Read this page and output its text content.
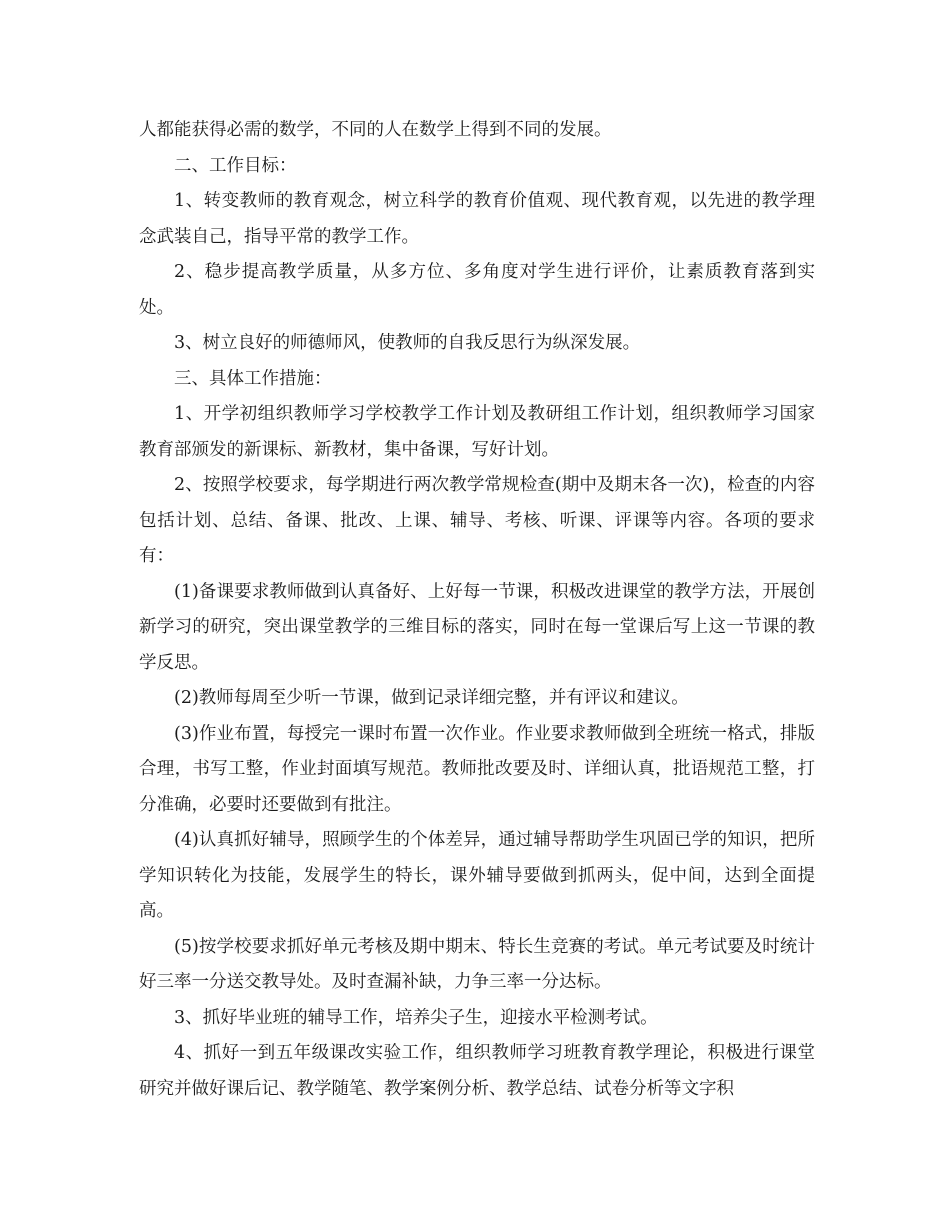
人都能获得必需的数学，不同的人在数学上得到不同的发展。

二、工作目标：

1、转变教师的教育观念，树立科学的教育价值观、现代教育观，以先进的教学理念武装自己，指导平常的教学工作。

2、稳步提高教学质量，从多方位、多角度对学生进行评价，让素质教育落到实处。

3、树立良好的师德师风，使教师的自我反思行为纵深发展。

三、具体工作措施：

1、开学初组织教师学习学校教学工作计划及教研组工作计划，组织教师学习国家教育部颁发的新课标、新教材，集中备课，写好计划。

2、按照学校要求，每学期进行两次教学常规检查(期中及期末各一次)，检查的内容包括计划、总结、备课、批改、上课、辅导、考核、听课、评课等内容。各项的要求有：

(1)备课要求教师做到认真备好、上好每一节课，积极改进课堂的教学方法，开展创新学习的研究，突出课堂教学的三维目标的落实，同时在每一堂课后写上这一节课的教学反思。

(2)教师每周至少听一节课，做到记录详细完整，并有评议和建议。

(3)作业布置，每授完一课时布置一次作业。作业要求教师做到全班统一格式，排版合理，书写工整，作业封面填写规范。教师批改要及时、详细认真，批语规范工整，打分准确，必要时还要做到有批注。

(4)认真抓好辅导，照顾学生的个体差异，通过辅导帮助学生巩固已学的知识，把所学知识转化为技能，发展学生的特长，课外辅导要做到抓两头，促中间，达到全面提高。

(5)按学校要求抓好单元考核及期中期末、特长生竞赛的考试。单元考试要及时统计好三率一分送交教导处。及时查漏补缺，力争三率一分达标。

3、抓好毕业班的辅导工作，培养尖子生，迎接水平检测考试。

4、抓好一到五年级课改实验工作，组织教师学习班教育教学理论，积极进行课堂研究并做好课后记、教学随笔、教学案例分析、教学总结、试卷分析等文字积
